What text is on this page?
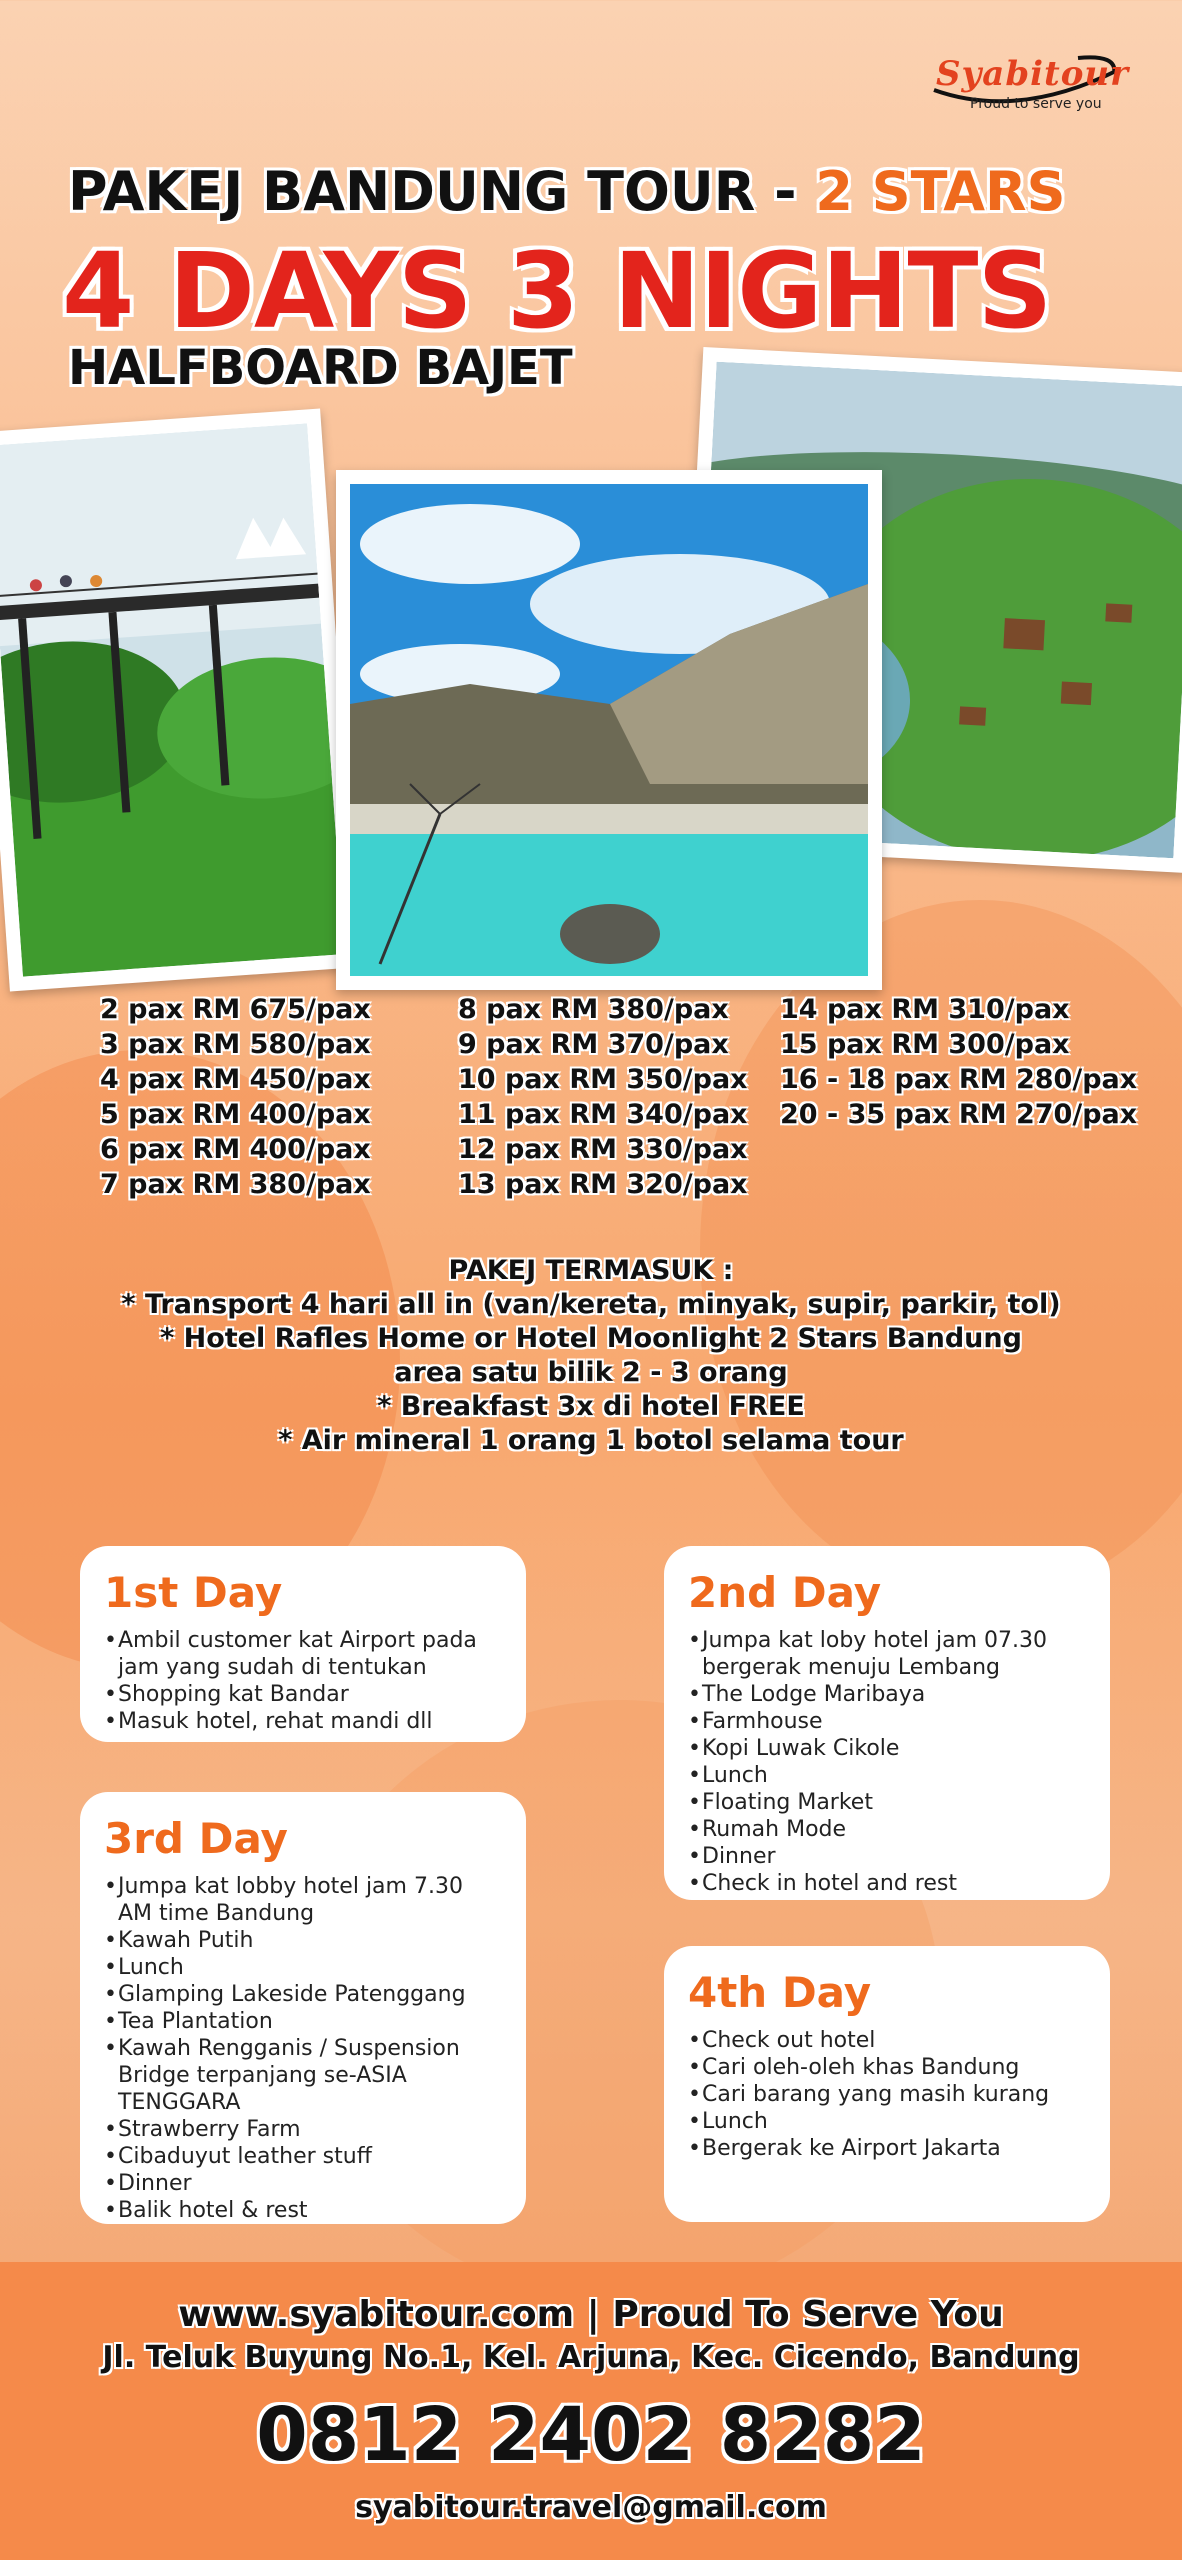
Syabitour
Proud to serve you
PAKEJ BANDUNG TOUR - 2 STARS
4 DAYS 3 NIGHTS
HALFBOARD BAJET
2 pax RM 675/pax
3 pax RM 580/pax
4 pax RM 450/pax
5 pax RM 400/pax
6 pax RM 400/pax
7 pax RM 380/pax
8 pax RM 380/pax
9 pax RM 370/pax
10 pax RM 350/pax
11 pax RM 340/pax
12 pax RM 330/pax
13 pax RM 320/pax
14 pax RM 310/pax
15 pax RM 300/pax
16 - 18 pax RM 280/pax
20 - 35 pax RM 270/pax
PAKEJ TERMASUK :
* Transport 4 hari all in (van/kereta, minyak, supir, parkir, tol)
* Hotel Rafles Home or Hotel Moonlight 2 Stars Bandung
area satu bilik 2 - 3 orang
* Breakfast 3x di hotel FREE
* Air mineral 1 orang 1 botol selama tour
1st Day
• Ambil customer kat Airport pada jam yang sudah di tentukan
• Shopping kat Bandar
• Masuk hotel, rehat mandi dll
2nd Day
• Jumpa kat loby hotel jam 07.30 bergerak menuju Lembang
• The Lodge Maribaya
• Farmhouse
• Kopi Luwak Cikole
• Lunch
• Floating Market
• Rumah Mode
• Dinner
• Check in hotel and rest
3rd Day
• Jumpa kat lobby hotel jam 7.30 AM time Bandung
• Kawah Putih
• Lunch
• Glamping Lakeside Patenggang
• Tea Plantation
• Kawah Rengganis / Suspension Bridge terpanjang se-ASIA TENGGARA
• Strawberry Farm
• Cibaduyut leather stuff
• Dinner
• Balik hotel & rest
4th Day
• Check out hotel
• Cari oleh-oleh khas Bandung
• Cari barang yang masih kurang
• Lunch
• Bergerak ke Airport Jakarta
www.syabitour.com | Proud To Serve You
Jl. Teluk Buyung No.1, Kel. Arjuna, Kec. Cicendo, Bandung
0812 2402 8282
syabitour.travel@gmail.com
